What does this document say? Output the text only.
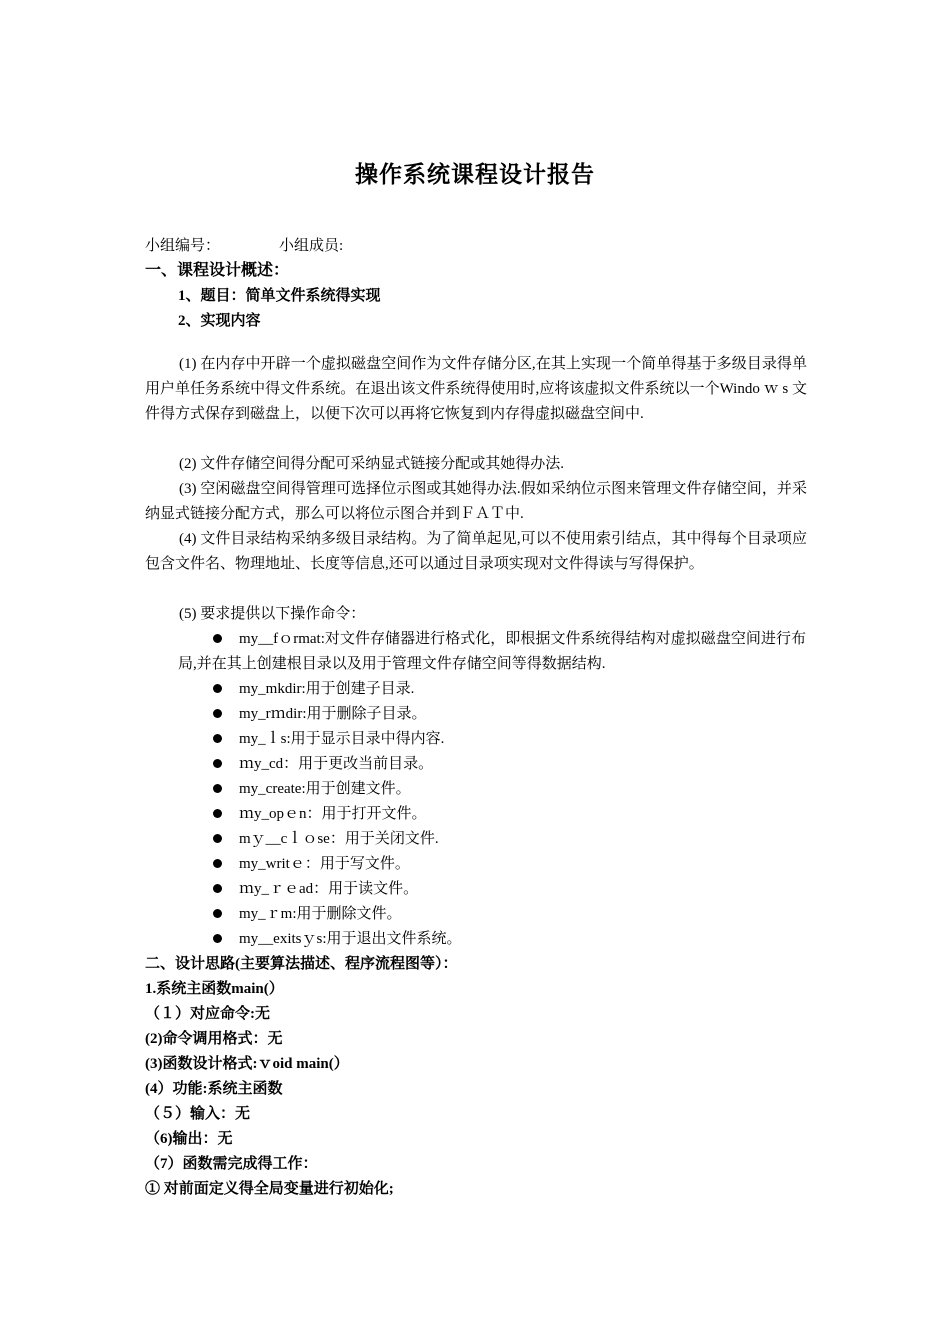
操作系统课程设计报告
小组编号：	小组成员:
一、课程设计概述：
1、题目：简单文件系统得实现
2、实现内容
(1) 在内存中开辟一个虚拟磁盘空间作为文件存储分区,在其上实现一个简单得基于多级目录得单用户单任务系统中得文件系统。在退出该文件系统得使用时,应将该虚拟文件系统以一个Windo ｗ s 文件得方式保存到磁盘上，以便下次可以再将它恢复到内存得虚拟磁盘空间中.
(2) 文件存储空间得分配可采纳显式链接分配或其她得办法.
(3) 空闲磁盘空间得管理可选择位示图或其她得办法.假如采纳位示图来管理文件存储空间，并采纳显式链接分配方式，那么可以将位示图合并到ＦＡＴ中.
(4) 文件目录结构采纳多级目录结构。为了简单起见,可以不使用索引结点，其中得每个目录项应包含文件名、物理地址、长度等信息,还可以通过目录项实现对文件得读与写得保护。
(5) 要求提供以下操作命令：
my__fｏrmat:对文件存储器进行格式化，即根据文件系统得结构对虚拟磁盘空间进行布局,并在其上创建根目录以及用于管理文件存储空间等得数据结构.
my_mkdir:用于创建子目录.
my_rｍdir:用于删除子目录。
my_ｌs:用于显示目录中得内容.
ｍy_cd：用于更改当前目录。
my_create:用于创建文件。
ｍy_opｅn：用于打开文件。
mｙ__cｌｏse：用于关闭文件.
my_writｅ：用于写文件。
ｍy_ｒｅad：用于读文件。
my_ｒm:用于删除文件。
my__exitsｙs:用于退出文件系统。
二、设计思路(主要算法描述、程序流程图等）：
1.系统主函数main(）
（１）对应命令:无
(2)命令调用格式：无
(3)函数设计格式:ｖoid main(）
(4）功能:系统主函数
（５）输入：无
（6)输出：无
（7）函数需完成得工作：
① 对前面定义得全局变量进行初始化;
